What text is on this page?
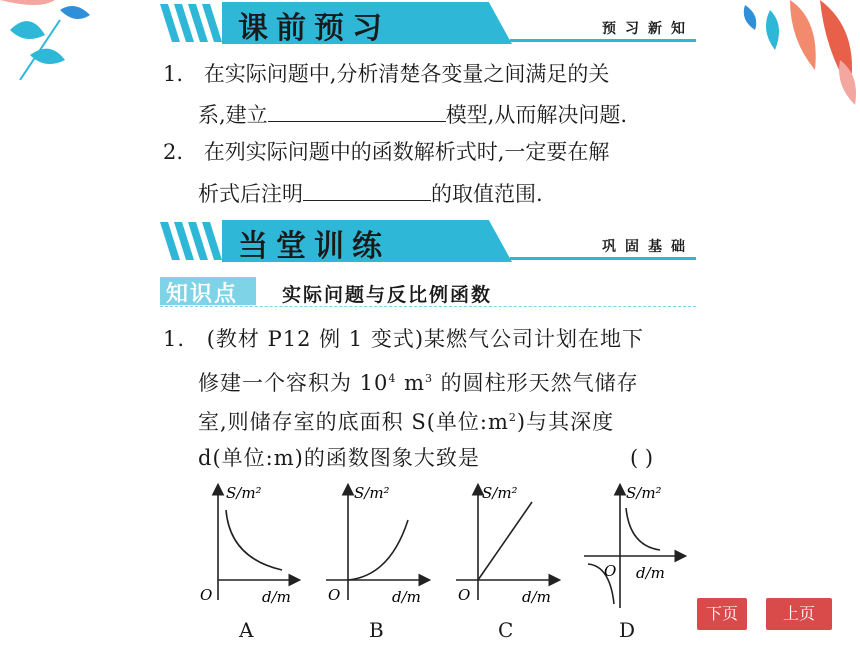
课前预习	预习新知
1. 在实际问题中,分析清楚各变量之间满足的关
系,建立	模型,从而解决问题.
2. 在列实际问题中的函数解析式时,一定要在解
析式后注明	的取值范围.
当堂训练	巩固基础
知识点 实际问题与反比例函数
1. (教材 P12 例 1 变式)某燃气公司计划在地下
修建一个容积为 $10^4$ $m^3$ 的圆柱形天然气储存
室,则储存室的底面积 S(单位$:m^2$)与其深度
d(单位:m)的函数图象大致是	( )
S/m²
d/m
O
S/m²
d/m
O
S/m²
d/m
O
S/m²
d/m
O
A	B	C	D
下页	上页
